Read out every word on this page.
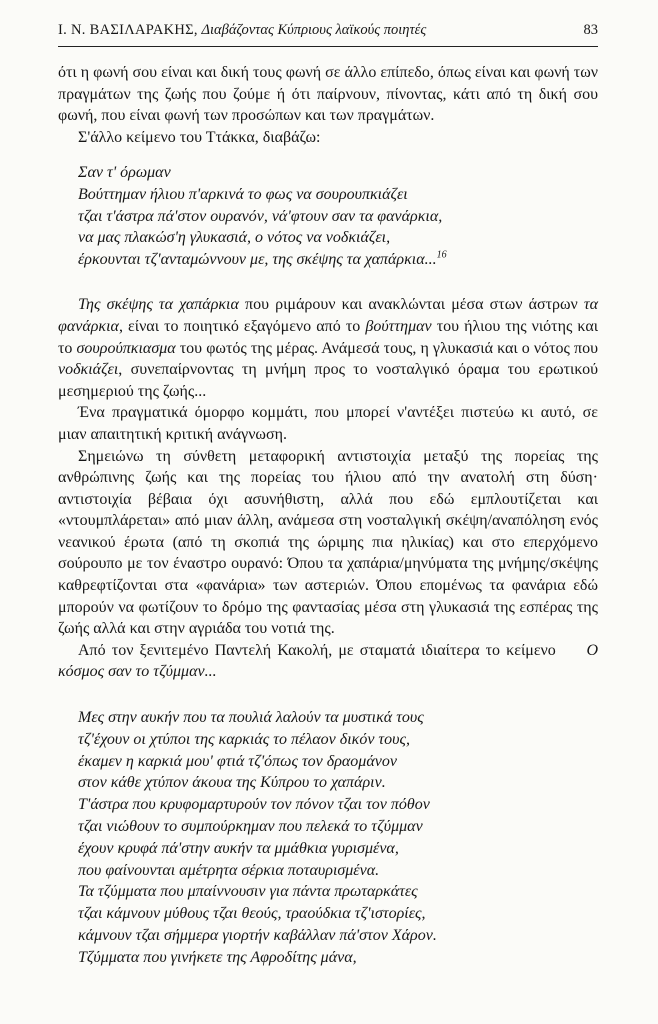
Ι. Ν. ΒΑΣΙΛΑΡΑΚΗΣ, Διαβάζοντας Κύπριους λαϊκούς ποιητές	83

ότι η φωνή σου είναι και δική τους φωνή σε άλλο επίπεδο, όπως είναι και φωνή των πραγμάτων της ζωής που ζούμε ή ότι παίρνουν, πίνοντας, κάτι από τη δική σου φωνή, που είναι φωνή των προσώπων και των πραγμάτων.

Σ'άλλο κείμενο του Ττάκκα, διαβάζω:

Σαν τ' όρωμαν
Βούττημαν ήλιου π'αρκινά το φως να σουρουπκιάζει
τζαι τ'άστρα πά'στον ουρανόν, νά'φτουν σαν τα φανάρκια,
να μας πλακώσ'η γλυκασιά, ο νότος να νοδκιάζει,
έρκουνται τζ'ανταμώννουν με, της σκέψης τα χαπάρκια...$^{16}$

Της σκέψης τα χαπάρκια που ριμάρουν και ανακλώνται μέσα στων άστρων τα φανάρκια, είναι το ποιητικό εξαγόμενο από το βούττημαν του ήλιου της νιότης και το σουρούπκιασμα του φωτός της μέρας. Ανάμεσά τους, η γλυκασιά και ο νότος που νοδκιάζει, συνεπαίρνοντας τη μνήμη προς το νοσταλγικό όραμα του ερωτικού μεσημεριού της ζωής...

Ένα πραγματικά όμορφο κομμάτι, που μπορεί ν'αντέξει πιστεύω κι αυτό, σε μιαν απαιτητική κριτική ανάγνωση.

Σημειώνω τη σύνθετη μεταφορική αντιστοιχία μεταξύ της πορείας της ανθρώπινης ζωής και της πορείας του ήλιου από την ανατολή στη δύση· αντιστοιχία βέβαια όχι ασυνήθιστη, αλλά που εδώ εμπλουτίζεται και «ντουμπλάρεται» από μιαν άλλη, ανάμεσα στη νοσταλγική σκέψη/αναπόληση ενός νεανικού έρωτα (από τη σκοπιά της ώριμης πια ηλικίας) και στο επερχόμενο σούρουπο με τον έναστρο ουρανό: Όπου τα χαπάρια/μηνύματα της μνήμης/σκέψης καθρεφτίζονται στα «φανάρια» των αστεριών. Όπου επομένως τα φανάρια εδώ μπορούν να φωτίζουν το δρόμο της φαντασίας μέσα στη γλυκασιά της εσπέρας της ζωής αλλά και στην αγριάδα του νοτιά της.

Από τον ξενιτεμένο Παντελή Κακολή, με σταματά ιδιαίτερα το κείμενο Ο κόσμος σαν το τζύμμαν...

Μες στην αυκήν που τα πουλιά λαλούν τα μυστικά τους
τζ'έχουν οι χτύποι της καρκιάς το πέλαον δικόν τους,
έκαμεν η καρκιά μου' φτιά τζ'όπως τον δραομάνον
στον κάθε χτύπον άκουα της Κύπρου το χαπάριν.
Τ'άστρα που κρυφομαρτυρούν τον πόνον τζαι τον πόθον
τζαι νιώθουν το συμπούρκημαν που πελεκά το τζύμμαν
έχουν κρυφά πά'στην αυκήν τα μμάθκια γυρισμένα,
που φαίνουνται αμέτρητα σέρκια ποταυρισμένα.
Τα τζύμματα που μπαίννουσιν για πάντα πρωταρκάτες
τζαι κάμνουν μύθους τζαι θεούς, τραούδκια τζ'ιστορίες,
κάμνουν τζαι σήμμερα γιορτήν καβάλλαν πά'στον Χάρον.
Τζύμματα που γινήκετε της Αφροδίτης μάνα,
